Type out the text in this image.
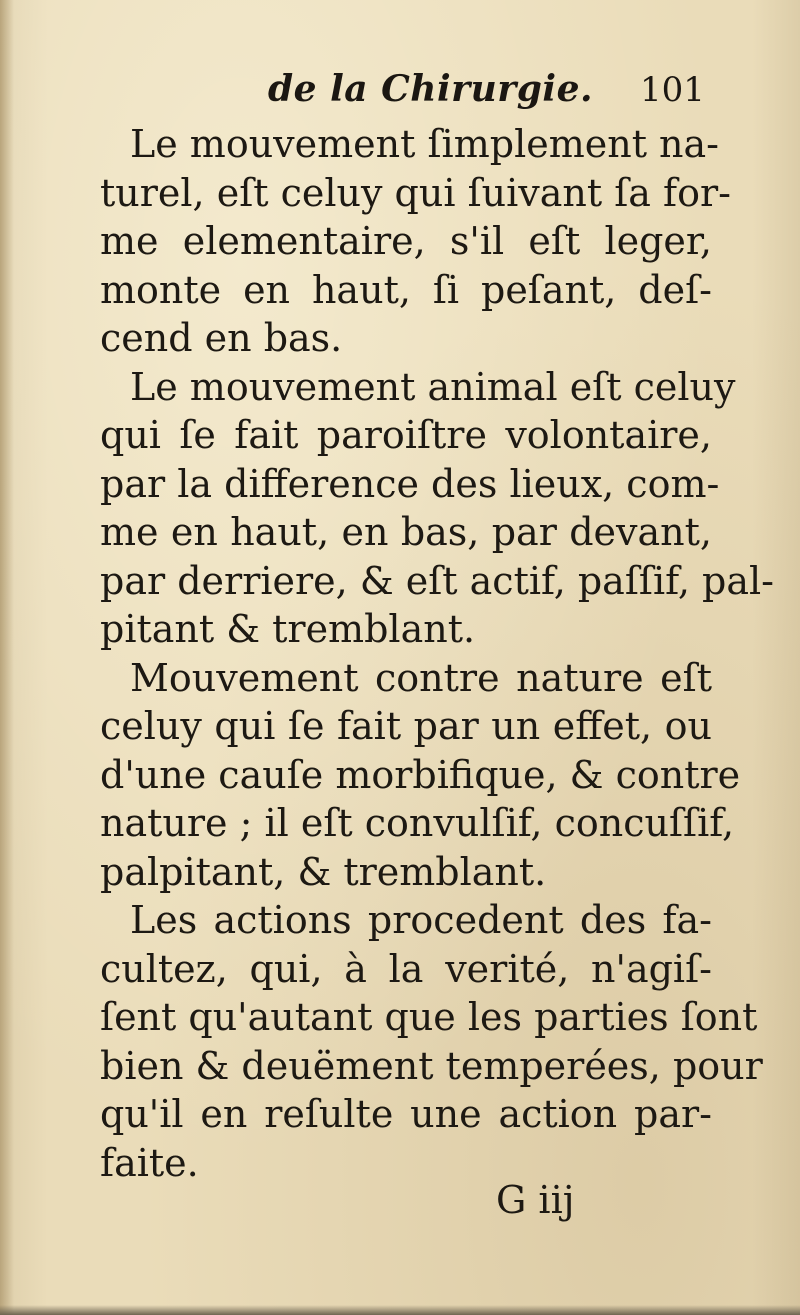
de la Chirurgie. 101
Le mouvement ſimplement na-
turel, eſt celuy qui ſuivant ſa for-
me elementaire, s'il eſt leger,
monte en haut, ſi peſant, deſ-
cend en bas.
Le mouvement animal eſt celuy
qui ſe fait paroiſtre volontaire,
par la difference des lieux, com-
me en haut, en bas, par devant,
par derriere, & eſt actif, paſſif, pal-
pitant & tremblant.
Mouvement contre nature eſt
celuy qui ſe fait par un effet, ou
d'une cauſe morbifique, & contre
nature ; il eſt convulſif, concuſſif,
palpitant, & tremblant.
Les actions procedent des fa-
cultez, qui, à la verité, n'agiſ-
ſent qu'autant que les parties ſont
bien & deuëment temperées, pour
qu'il en reſulte une action par-
faite.
G iij
